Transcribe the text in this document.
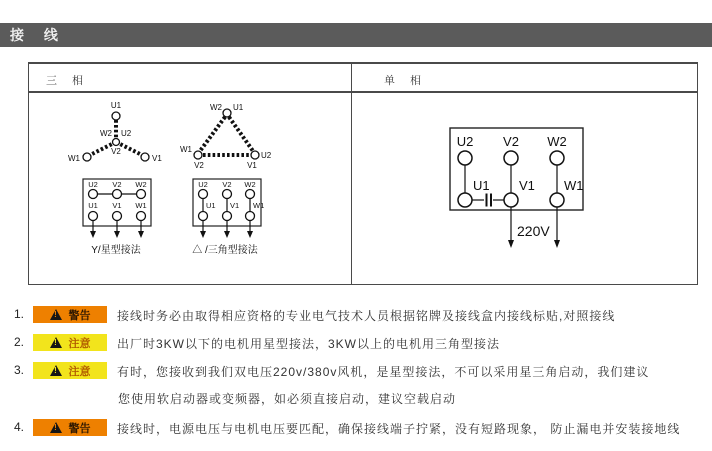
接 线
三 相	单 相
U1
W1	V1
W2 U2
V2
W2 U1
W1
V2
U2
V1
U2 V2 W2
U1 V1 W1
Y/星型接法
U2 V2 W2
U1 V1 W1
△ /三角型接法
U2 V2 W2
U1 V1 W1
220V
1.	!	警告 接线时务必由取得相应资格的专业电气技术人员根据铭牌及接线盒内接线标贴,对照接线
2.	!	注意 出厂时3KW以下的电机用星型接法，3KW以上的电机用三角型接法
3.	!	注意 有时，您接收到我们双电压220v/380v风机，是星型接法，不可以采用星三角启动，我们建议
您使用软启动器或变频器，如必须直接启动，建议空载启动
4.	!	警告 接线时，电源电压与电机电压要匹配，确保接线端子拧紧，没有短路现象， 防止漏电并安装接地线
